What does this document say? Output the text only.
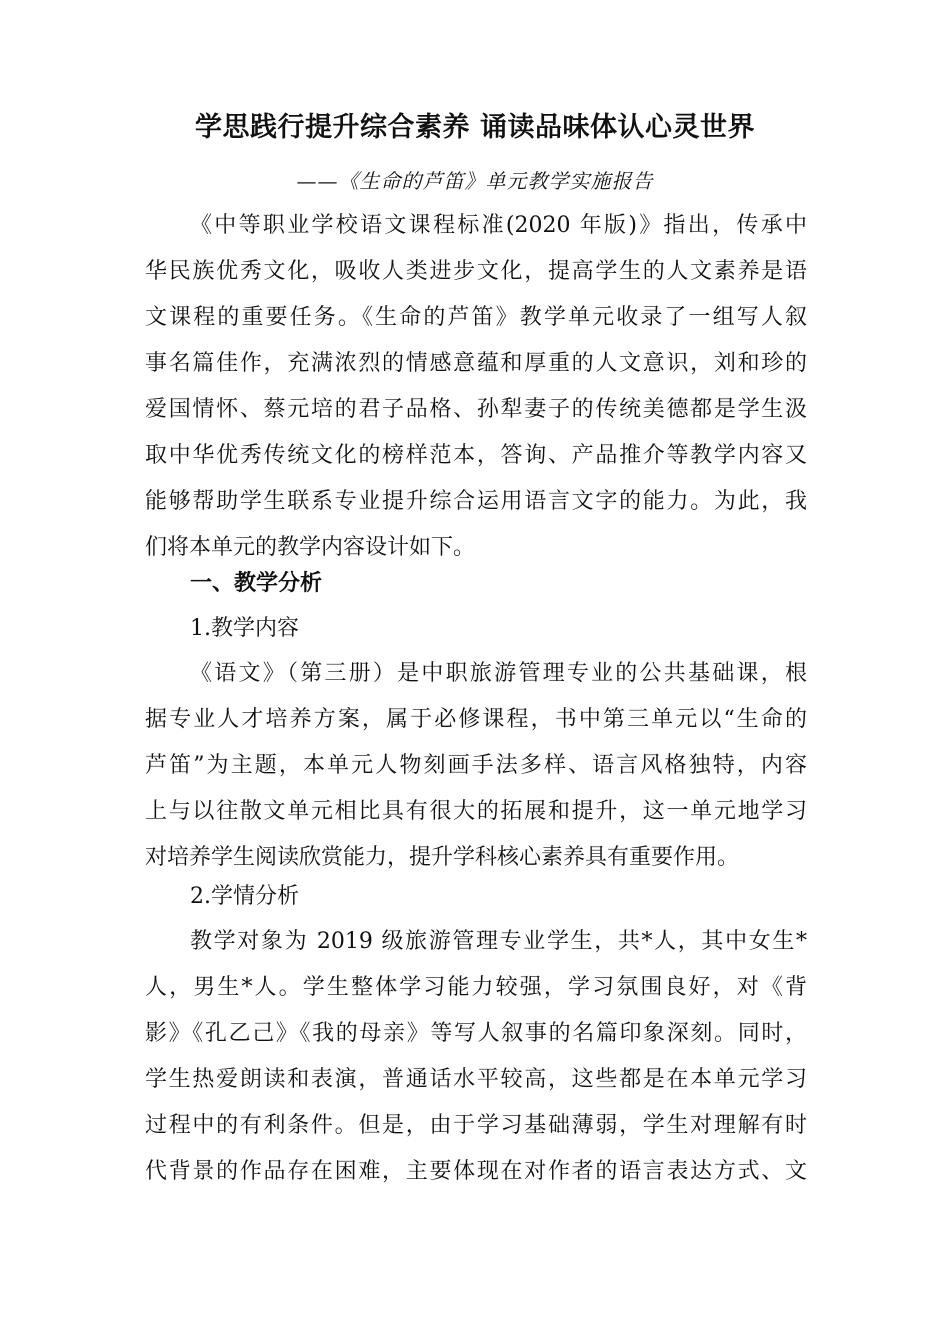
学思践行提升综合素养 诵读品味体认心灵世界
——《生命的芦笛》单元教学实施报告
《中等职业学校语文课程标准(2020 年版)》指出，传承中
华民族优秀文化，吸收人类进步文化，提高学生的人文素养是语
文课程的重要任务。《生命的芦笛》教学单元收录了一组写人叙
事名篇佳作，充满浓烈的情感意蕴和厚重的人文意识，刘和珍的
爱国情怀、蔡元培的君子品格、孙犁妻子的传统美德都是学生汲
取中华优秀传统文化的榜样范本，答询、产品推介等教学内容又
能够帮助学生联系专业提升综合运用语言文字的能力。为此，我
们将本单元的教学内容设计如下。
一、教学分析
1.教学内容
《语文》（第三册）是中职旅游管理专业的公共基础课，根
据专业人才培养方案，属于必修课程，书中第三单元以“生命的
芦笛”为主题，本单元人物刻画手法多样、语言风格独特，内容
上与以往散文单元相比具有很大的拓展和提升，这一单元地学习
对培养学生阅读欣赏能力，提升学科核心素养具有重要作用。
2.学情分析
教学对象为 2019 级旅游管理专业学生，共*人，其中女生*
人，男生*人。学生整体学习能力较强，学习氛围良好，对《背
影》《孔乙己》《我的母亲》等写人叙事的名篇印象深刻。同时，
学生热爱朗读和表演，普通话水平较高，这些都是在本单元学习
过程中的有利条件。但是，由于学习基础薄弱，学生对理解有时
代背景的作品存在困难，主要体现在对作者的语言表达方式、文
